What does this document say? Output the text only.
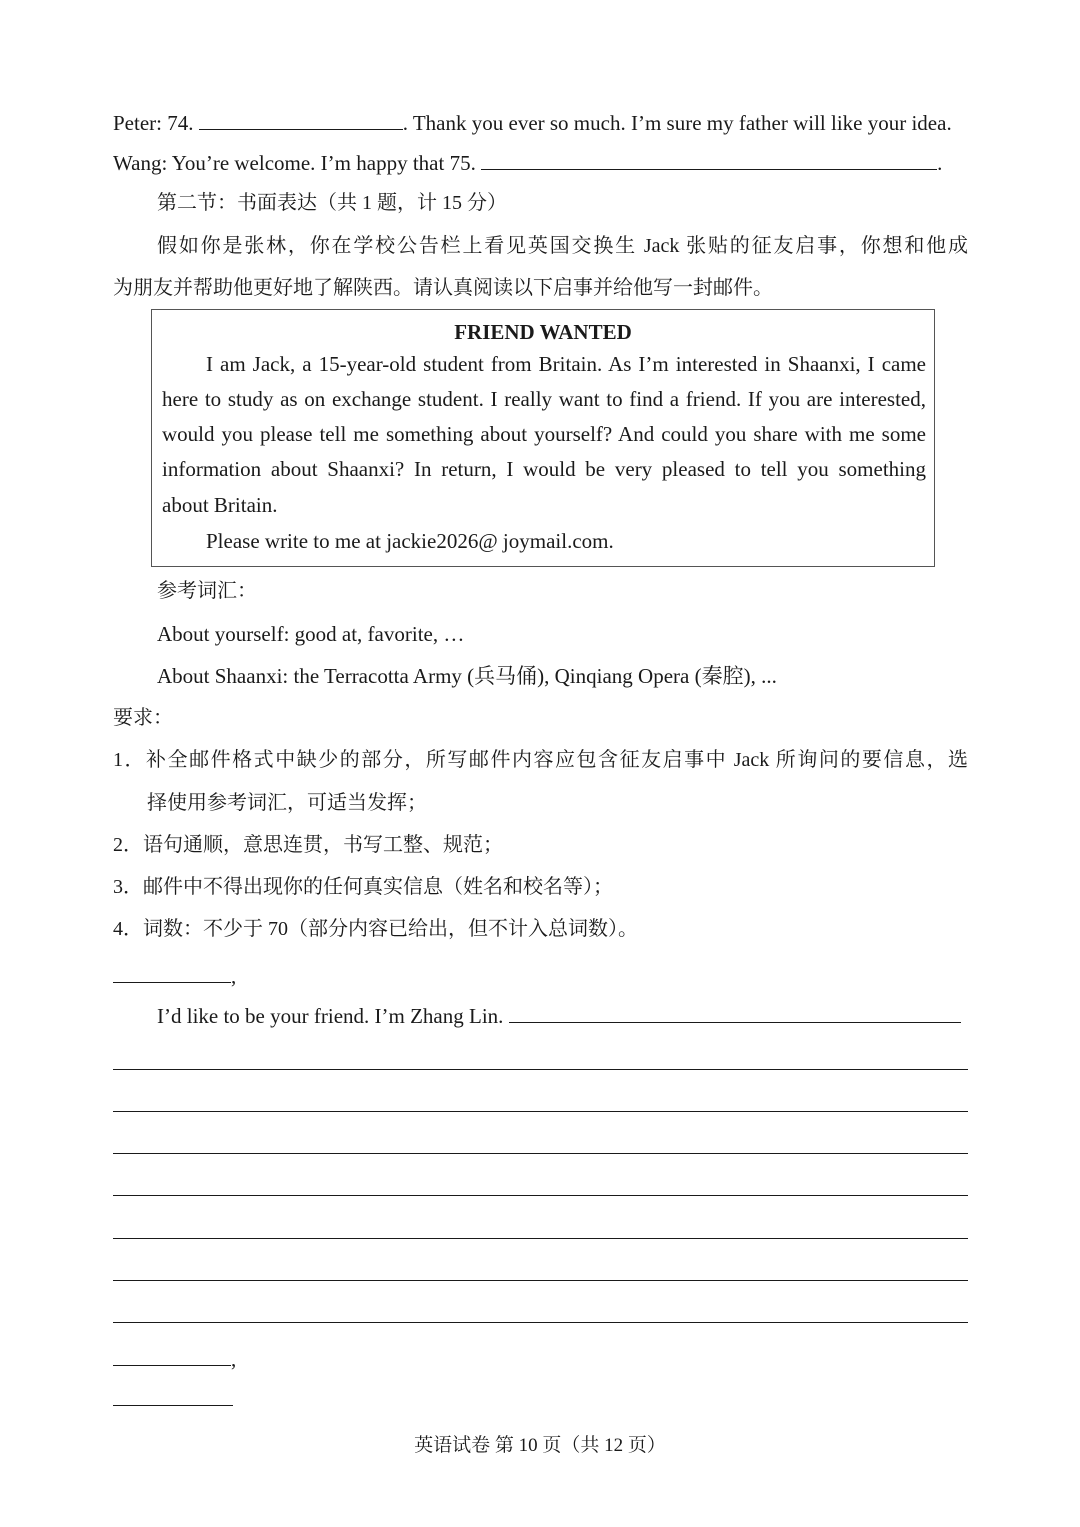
Peter: 74.	. Thank you ever so much. I’m sure my father will like your idea.
Wang: You’re welcome. I’m happy that 75.	.
第二节：书面表达（共 1 题，计 15 分）
假如你是张林，你在学校公告栏上看见英国交换生 Jack 张贴的征友启事，你想和他成
为朋友并帮助他更好地了解陕西。请认真阅读以下启事并给他写一封邮件。
FRIEND WANTED
I am Jack, a 15-year-old student from Britain. As I’m interested in Shaanxi, I came
here to study as on exchange student. I really want to find a friend. If you are interested,
would you please tell me something about yourself? And could you share with me some
information about Shaanxi? In return, I would be very pleased to tell you something
about Britain.
Please write to me at jackie2026@ joymail.com.
参考词汇：
About yourself: good at, favorite, …
About Shaanxi: the Terracotta Army (兵马俑), Qinqiang Opera (秦腔), ...
要求：
1．补全邮件格式中缺少的部分，所写邮件内容应包含征友启事中 Jack 所询问的要信息，选
择使用参考词汇，可适当发挥；
2．语句通顺，意思连贯，书写工整、规范；
3．邮件中不得出现你的任何真实信息（姓名和校名等）；
4．词数：不少于 70（部分内容已给出，但不计入总词数）。
,
I’d like to be your friend. I’m Zhang Lin.
,
英语试卷 第 10 页（共 12 页）
